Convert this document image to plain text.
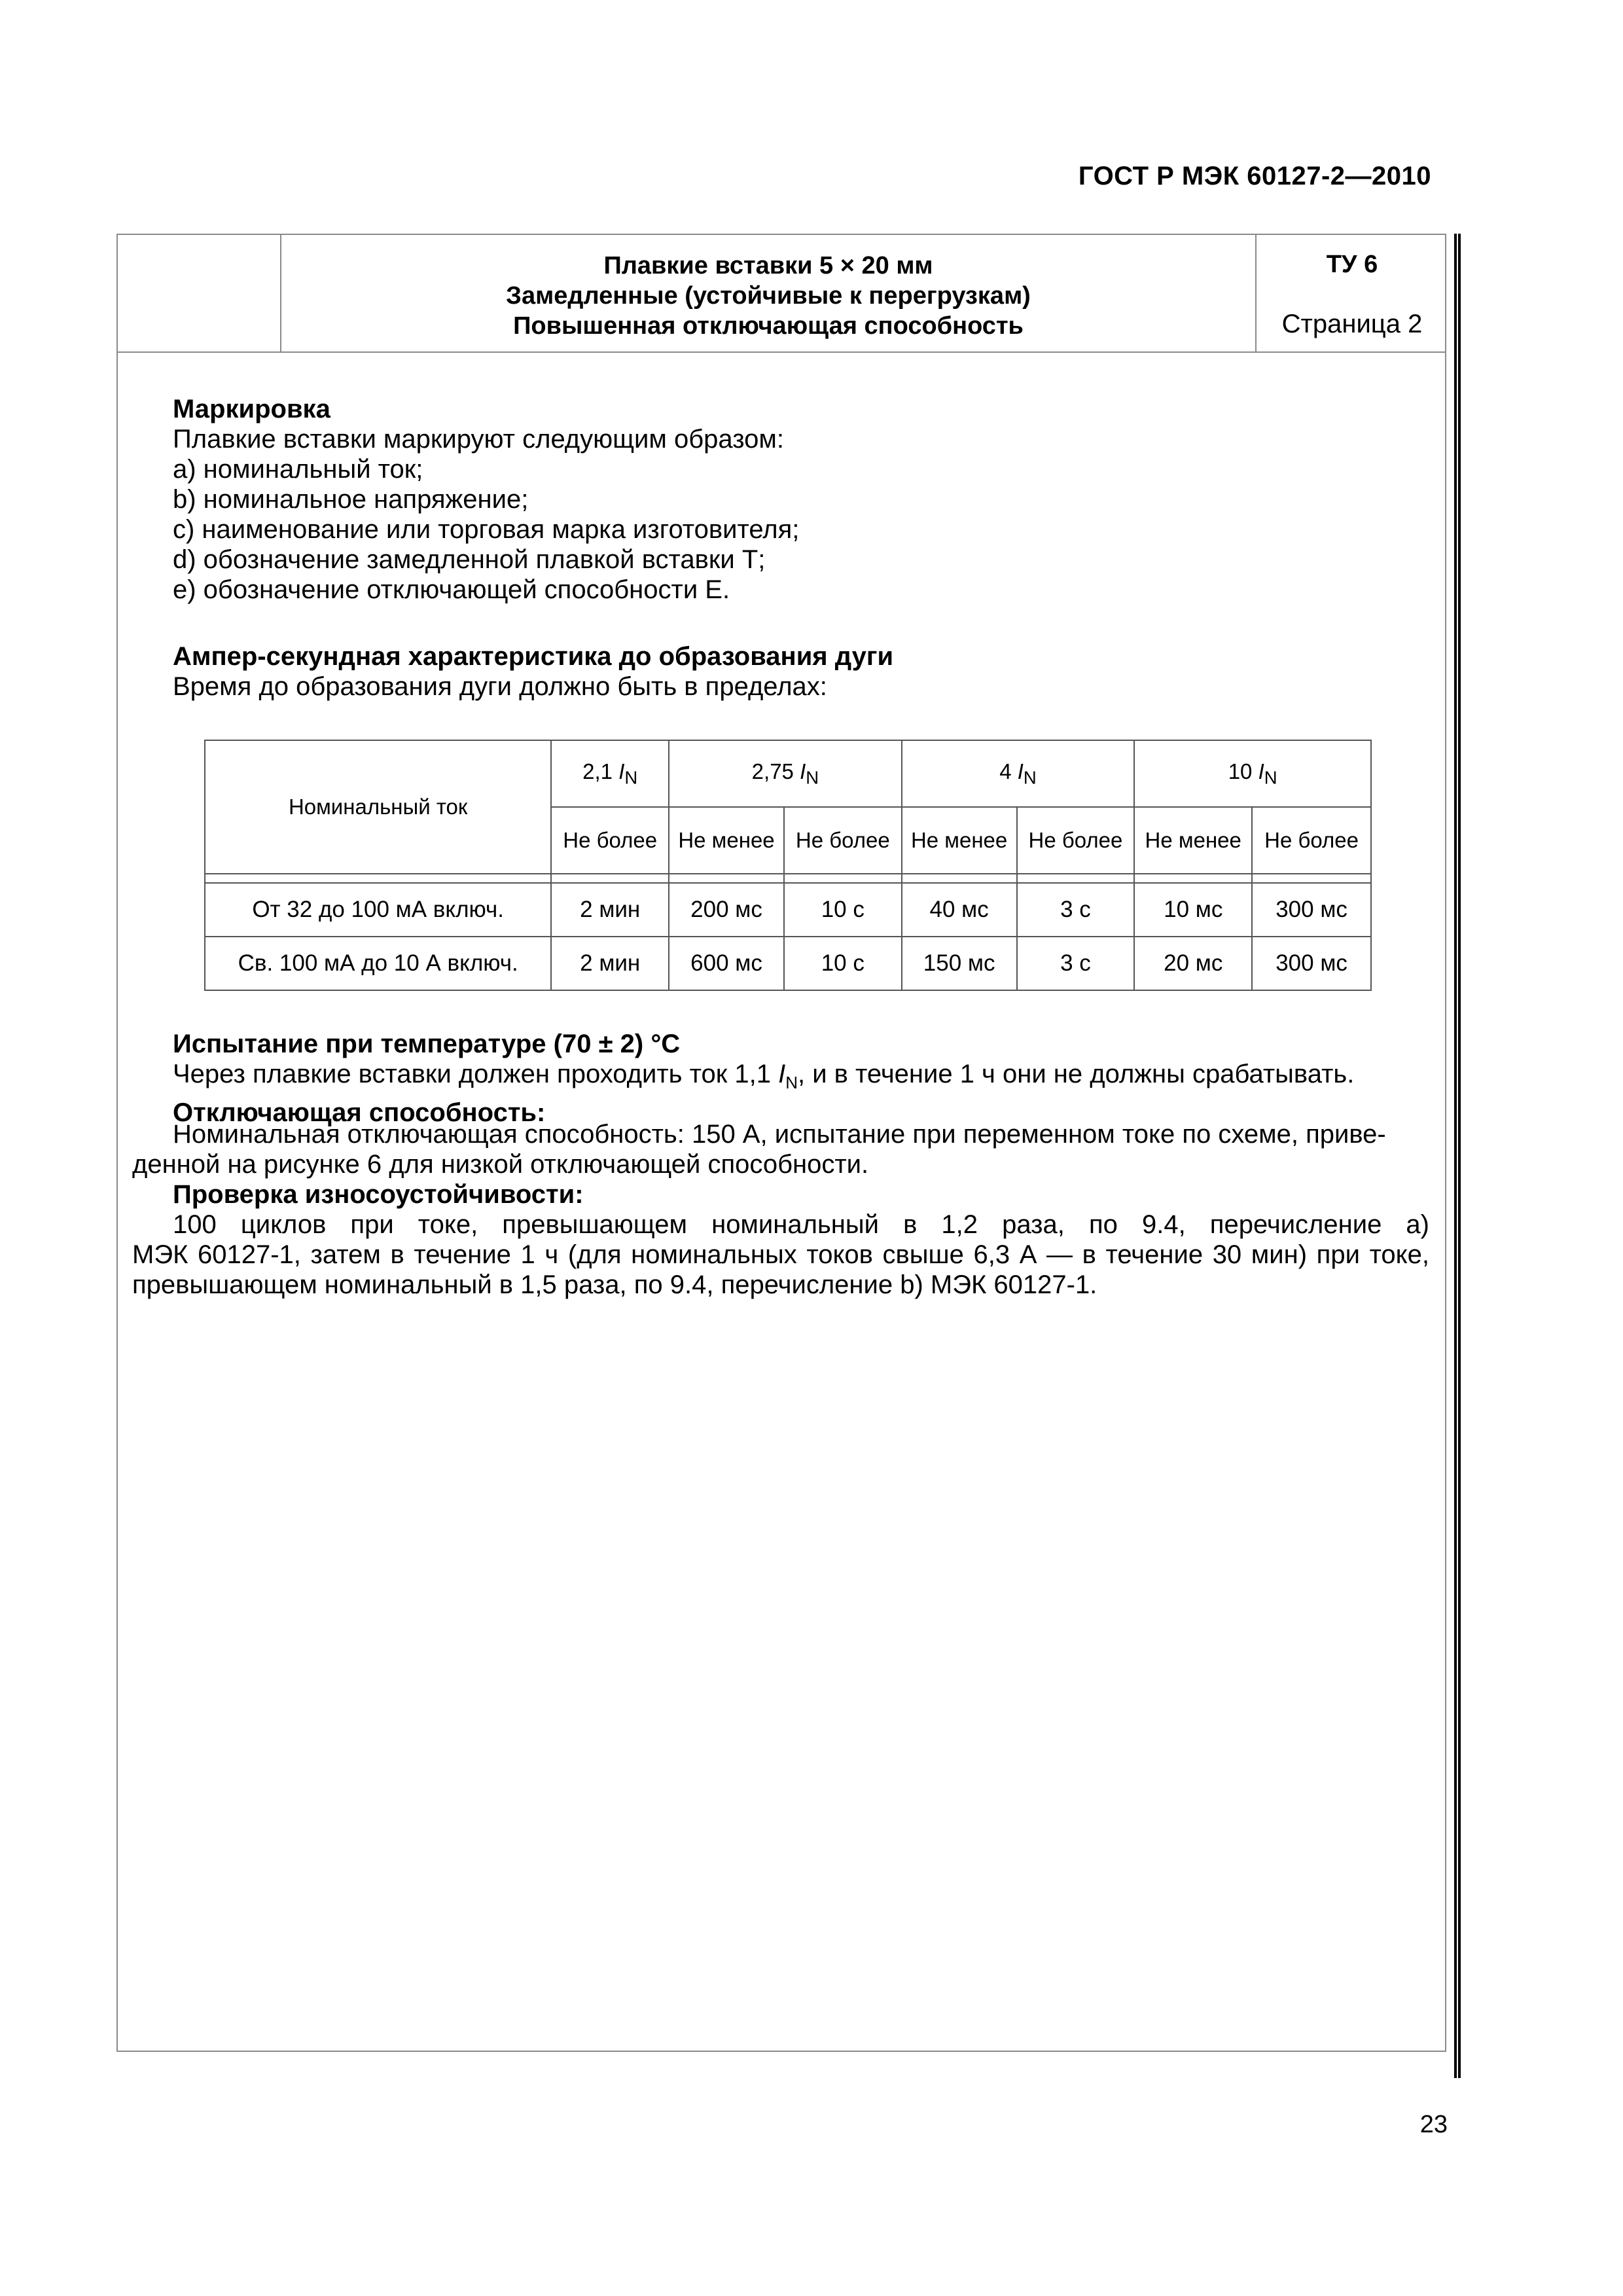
ГОСТ Р МЭК 60127-2—2010
Плавкие вставки 5 × 20 мм
Замедленные (устойчивые к перегрузкам)
Повышенная отключающая способность
ТУ 6
Страница 2
Маркировка
Плавкие вставки маркируют следующим образом:
a) номинальный ток;
b) номинальное напряжение;
c) наименование или торговая марка изготовителя;
d) обозначение замедленной плавкой вставки Т;
e) обозначение отключающей способности Е.
Ампер-секундная характеристика до образования дуги
Время до образования дуги должно быть в пределах:
Номинальный ток	2,1 $I_N$	2,75 $I_N$		4 $I_N$		10 $I_N$
	Не более	Не менее	Не более	Не менее	Не более	Не менее	Не более

От 32 до 100 мА включ.	2 мин	200 мс	10 с	40 мс	3 с	10 мс	300 мс
Св. 100 мА до 10 А включ.	2 мин	600 мс	10 с	150 мс	3 с	20 мс	300 мс
Испытание при температуре (70 ± 2) °С
Через плавкие вставки должен проходить ток 1,1 $I_N$, и в течение 1 ч они не должны срабатывать.
Отключающая способность:
Номинальная отключающая способность: 150 А, испытание при переменном токе по схеме, приве-
денной на рисунке 6 для низкой отключающей способности.
Проверка износоустойчивости:
100 циклов при токе, превышающем номинальный в 1,2 раза, по 9.4, перечисление a)
МЭК 60127-1, затем в течение 1 ч (для номинальных токов свыше 6,3 А — в течение 30 мин) при токе,
превышающем номинальный в 1,5 раза, по 9.4, перечисление b) МЭК 60127-1.
23
